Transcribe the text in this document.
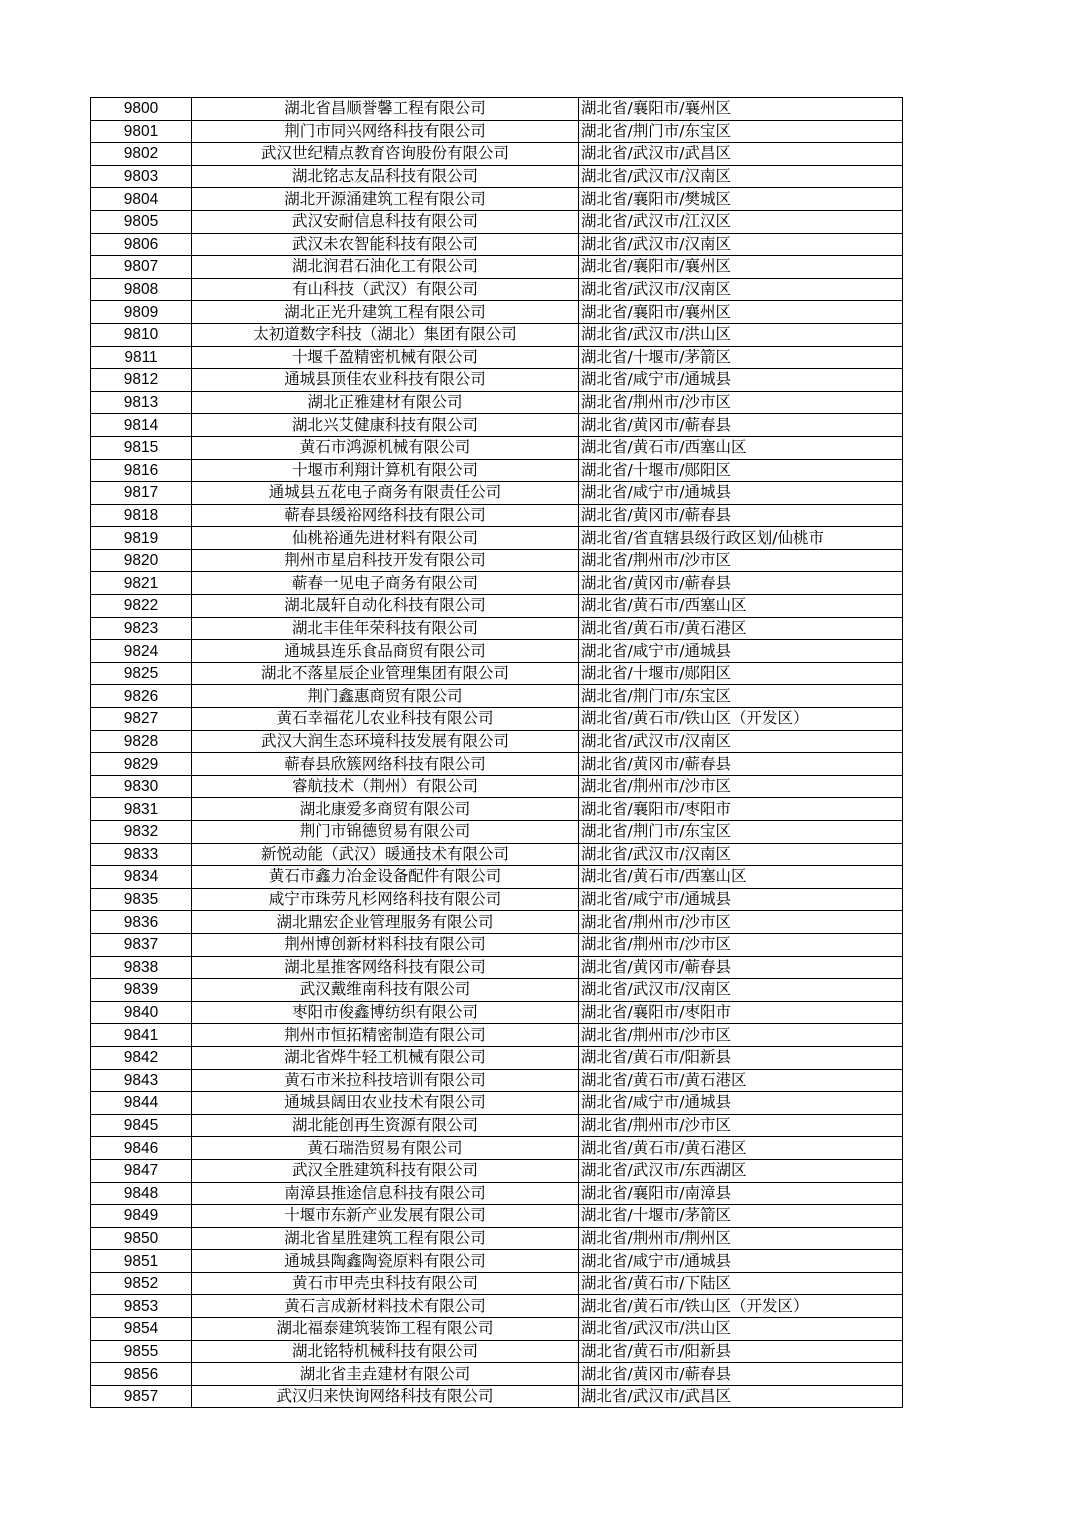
9800	湖北省昌顺誉馨工程有限公司	湖北省/襄阳市/襄州区
9801	荆门市同兴网络科技有限公司	湖北省/荆门市/东宝区
9802	武汉世纪精点教育咨询股份有限公司	湖北省/武汉市/武昌区
9803	湖北铭志友品科技有限公司	湖北省/武汉市/汉南区
9804	湖北开源涌建筑工程有限公司	湖北省/襄阳市/樊城区
9805	武汉安耐信息科技有限公司	湖北省/武汉市/江汉区
9806	武汉未农智能科技有限公司	湖北省/武汉市/汉南区
9807	湖北润君石油化工有限公司	湖北省/襄阳市/襄州区
9808	有山科技（武汉）有限公司	湖北省/武汉市/汉南区
9809	湖北正光升建筑工程有限公司	湖北省/襄阳市/襄州区
9810	太初道数字科技（湖北）集团有限公司	湖北省/武汉市/洪山区
9811	十堰千盈精密机械有限公司	湖北省/十堰市/茅箭区
9812	通城县顶佳农业科技有限公司	湖北省/咸宁市/通城县
9813	湖北正雅建材有限公司	湖北省/荆州市/沙市区
9814	湖北兴艾健康科技有限公司	湖北省/黄冈市/蕲春县
9815	黄石市鸿源机械有限公司	湖北省/黄石市/西塞山区
9816	十堰市利翔计算机有限公司	湖北省/十堰市/郧阳区
9817	通城县五花电子商务有限责任公司	湖北省/咸宁市/通城县
9818	蕲春县缓裕网络科技有限公司	湖北省/黄冈市/蕲春县
9819	仙桃裕通先进材料有限公司	湖北省/省直辖县级行政区划/仙桃市
9820	荆州市星启科技开发有限公司	湖北省/荆州市/沙市区
9821	蕲春一见电子商务有限公司	湖北省/黄冈市/蕲春县
9822	湖北晟轩自动化科技有限公司	湖北省/黄石市/西塞山区
9823	湖北丰佳年荣科技有限公司	湖北省/黄石市/黄石港区
9824	通城县连乐食品商贸有限公司	湖北省/咸宁市/通城县
9825	湖北不落星辰企业管理集团有限公司	湖北省/十堰市/郧阳区
9826	荆门鑫惠商贸有限公司	湖北省/荆门市/东宝区
9827	黄石幸福花儿农业科技有限公司	湖北省/黄石市/铁山区（开发区）
9828	武汉大润生态环境科技发展有限公司	湖北省/武汉市/汉南区
9829	蕲春县欣簇网络科技有限公司	湖北省/黄冈市/蕲春县
9830	睿航技术（荆州）有限公司	湖北省/荆州市/沙市区
9831	湖北康爱多商贸有限公司	湖北省/襄阳市/枣阳市
9832	荆门市锦德贸易有限公司	湖北省/荆门市/东宝区
9833	新悦动能（武汉）暖通技术有限公司	湖北省/武汉市/汉南区
9834	黄石市鑫力冶金设备配件有限公司	湖北省/黄石市/西塞山区
9835	咸宁市珠劳凡杉网络科技有限公司	湖北省/咸宁市/通城县
9836	湖北鼎宏企业管理服务有限公司	湖北省/荆州市/沙市区
9837	荆州博创新材料科技有限公司	湖北省/荆州市/沙市区
9838	湖北星推客网络科技有限公司	湖北省/黄冈市/蕲春县
9839	武汉戴维南科技有限公司	湖北省/武汉市/汉南区
9840	枣阳市俊鑫博纺织有限公司	湖北省/襄阳市/枣阳市
9841	荆州市恒拓精密制造有限公司	湖北省/荆州市/沙市区
9842	湖北省烨牛轻工机械有限公司	湖北省/黄石市/阳新县
9843	黄石市米拉科技培训有限公司	湖北省/黄石市/黄石港区
9844	通城县阔田农业技术有限公司	湖北省/咸宁市/通城县
9845	湖北能创再生资源有限公司	湖北省/荆州市/沙市区
9846	黄石瑞浩贸易有限公司	湖北省/黄石市/黄石港区
9847	武汉全胜建筑科技有限公司	湖北省/武汉市/东西湖区
9848	南漳县推途信息科技有限公司	湖北省/襄阳市/南漳县
9849	十堰市东新产业发展有限公司	湖北省/十堰市/茅箭区
9850	湖北省星胜建筑工程有限公司	湖北省/荆州市/荆州区
9851	通城县陶鑫陶瓷原料有限公司	湖北省/咸宁市/通城县
9852	黄石市甲壳虫科技有限公司	湖北省/黄石市/下陆区
9853	黄石言成新材料技术有限公司	湖北省/黄石市/铁山区（开发区）
9854	湖北福泰建筑装饰工程有限公司	湖北省/武汉市/洪山区
9855	湖北铭特机械科技有限公司	湖北省/黄石市/阳新县
9856	湖北省圭垚建材有限公司	湖北省/黄冈市/蕲春县
9857	武汉归来快询网络科技有限公司	湖北省/武汉市/武昌区
